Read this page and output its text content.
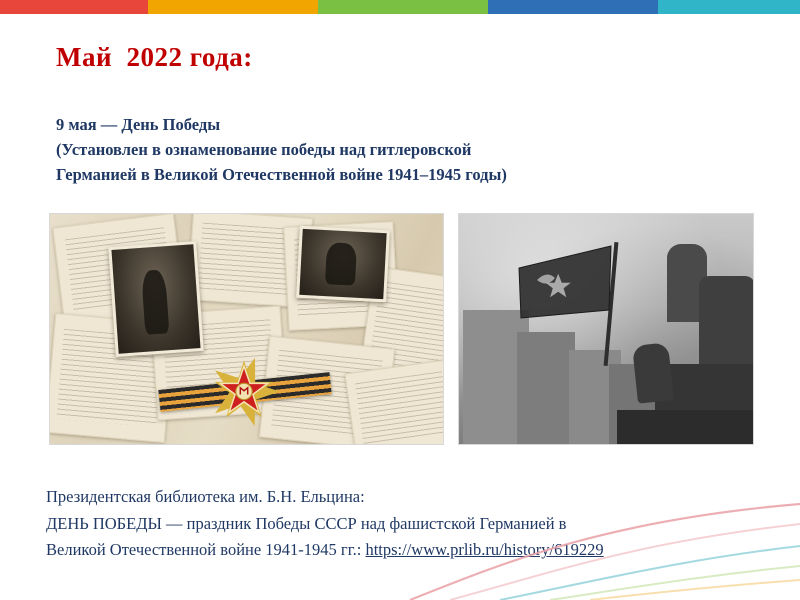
Май  2022 года:
9 мая — День Победы
(Установлен в ознаменование победы над гитлеровской
Германией в Великой Отечественной войне 1941–1945 годы)
Президентская библиотека им. Б.Н. Ельцина:
ДЕНЬ ПОБЕДЫ — праздник Победы СССР над фашистской Германией в
Великой Отечественной войне 1941-1945 гг.: https://www.prlib.ru/history/619229
